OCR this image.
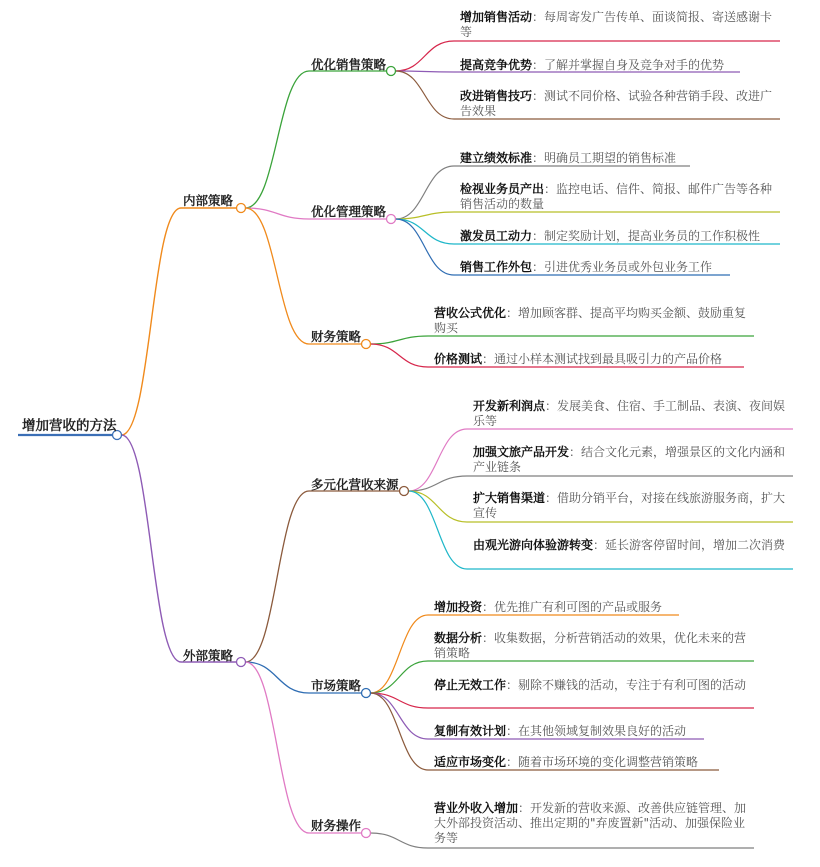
增加营收的方法
内部策略
优化销售策略
增加销售活动：每周寄发广告传单、面谈简报、寄送感谢卡等
提高竞争优势：了解并掌握自身及竞争对手的优势
改进销售技巧：测试不同价格、试验各种营销手段、改进广告效果
优化管理策略
建立绩效标准：明确员工期望的销售标准
检视业务员产出：监控电话、信件、简报、邮件广告等各种销售活动的数量
激发员工动力：制定奖励计划，提高业务员的工作积极性
销售工作外包：引进优秀业务员或外包业务工作
财务策略
营收公式优化：增加顾客群、提高平均购买金额、鼓励重复购买
价格测试：通过小样本测试找到最具吸引力的产品价格
外部策略
多元化营收来源
开发新利润点：发展美食、住宿、手工制品、表演、夜间娱乐等
加强文旅产品开发：结合文化元素，增强景区的文化内涵和产业链条
扩大销售渠道：借助分销平台，对接在线旅游服务商，扩大宣传
由观光游向体验游转变：延长游客停留时间，增加二次消费
市场策略
增加投资：优先推广有利可图的产品或服务
数据分析：收集数据，分析营销活动的效果，优化未来的营销策略
停止无效工作：剔除不赚钱的活动，专注于有利可图的活动
复制有效计划：在其他领域复制效果良好的活动
适应市场变化：随着市场环境的变化调整营销策略
财务操作
营业外收入增加：开发新的营收来源、改善供应链管理、加大外部投资活动、推出定期的"弃废置新"活动、加强保险业务等
